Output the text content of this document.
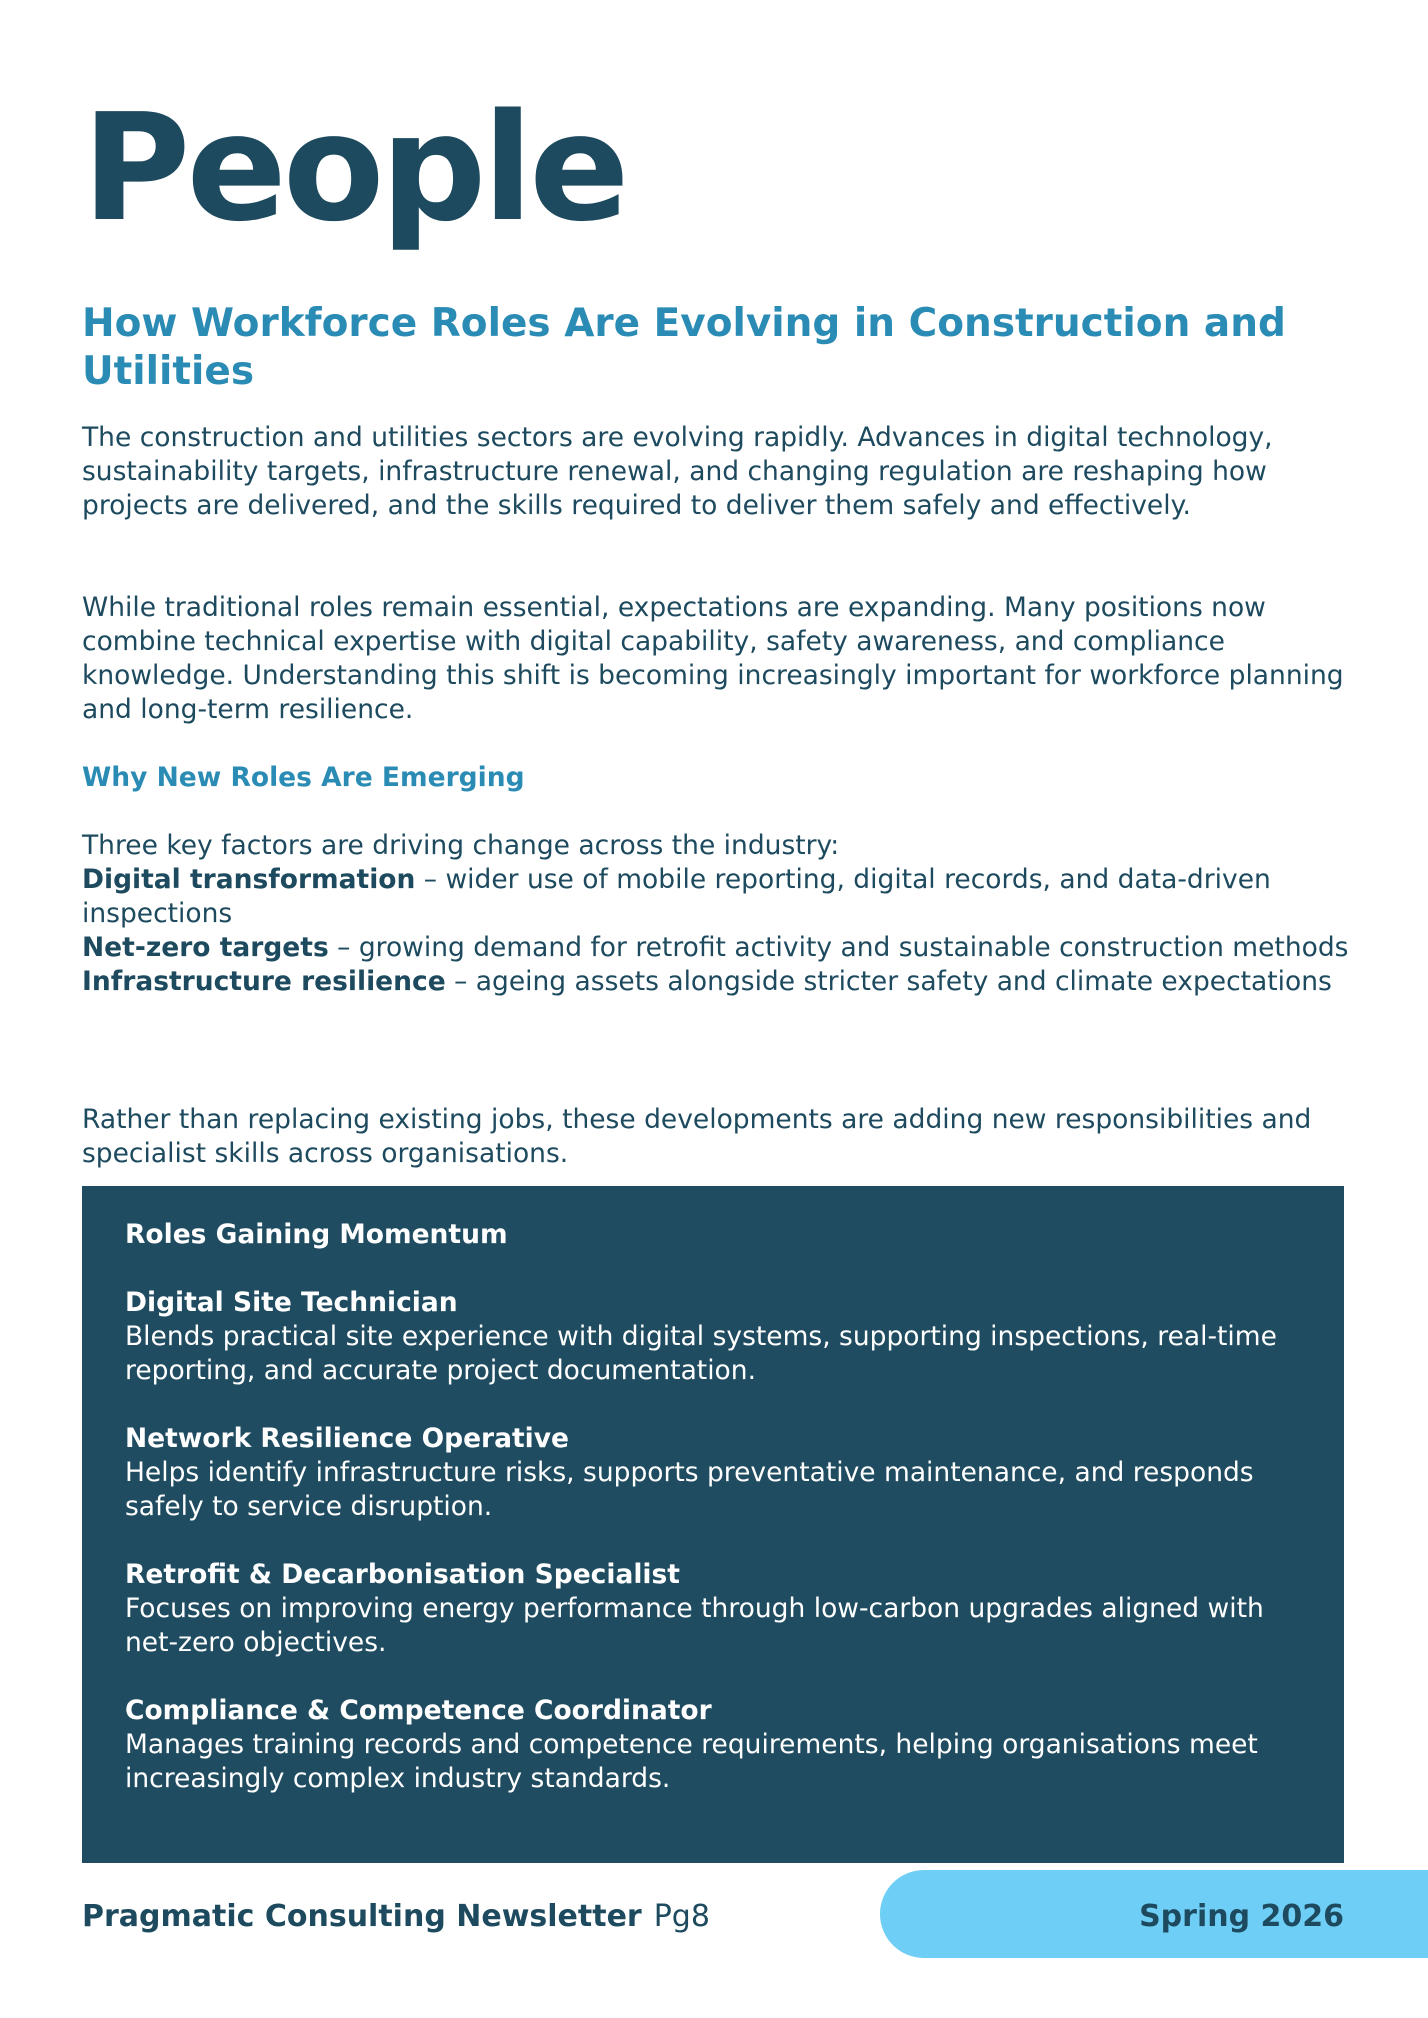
People
How Workforce Roles Are Evolving in Construction and Utilities

The construction and utilities sectors are evolving rapidly. Advances in digital technology, sustainability targets, infrastructure renewal, and changing regulation are reshaping how projects are delivered, and the skills required to deliver them safely and effectively.

While traditional roles remain essential, expectations are expanding. Many positions now combine technical expertise with digital capability, safety awareness, and compliance knowledge. Understanding this shift is becoming increasingly important for workforce planning and long-term resilience.

Why New Roles Are Emerging

Three key factors are driving change across the industry:

Digital transformation – wider use of mobile reporting, digital records, and data-driven inspections

Net-zero targets – growing demand for retrofit activity and sustainable construction methods

Infrastructure resilience – ageing assets alongside stricter safety and climate expectations

Rather than replacing existing jobs, these developments are adding new responsibilities and specialist skills across organisations.

Roles Gaining Momentum

Digital Site Technician

Blends practical site experience with digital systems, supporting inspections, real-time reporting, and accurate project documentation.

Network Resilience Operative

Helps identify infrastructure risks, supports preventative maintenance, and responds safely to service disruption.

Retrofit & Decarbonisation Specialist

Focuses on improving energy performance through low-carbon upgrades aligned with net-zero objectives.

Compliance & Competence Coordinator

Manages training records and competence requirements, helping organisations meet increasingly complex industry standards.

Pragmatic Consulting Newsletter Pg8	Spring 2026
